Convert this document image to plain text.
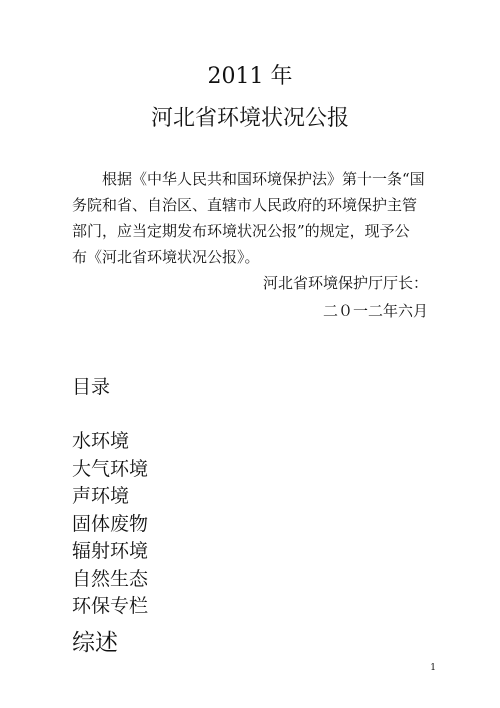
2011 年
河北省环境状况公报

根据《中华人民共和国环境保护法》第十一条“国
务院和省、自治区、直辖市人民政府的环境保护主管
部门，应当定期发布环境状况公报”的规定，现予公
布《河北省环境状况公报》。

河北省环境保护厅厅长：
二０一二年六月
目录
水环境
大气环境
声环境
固体废物
辐射环境
自然生态
环保专栏
综述
1
